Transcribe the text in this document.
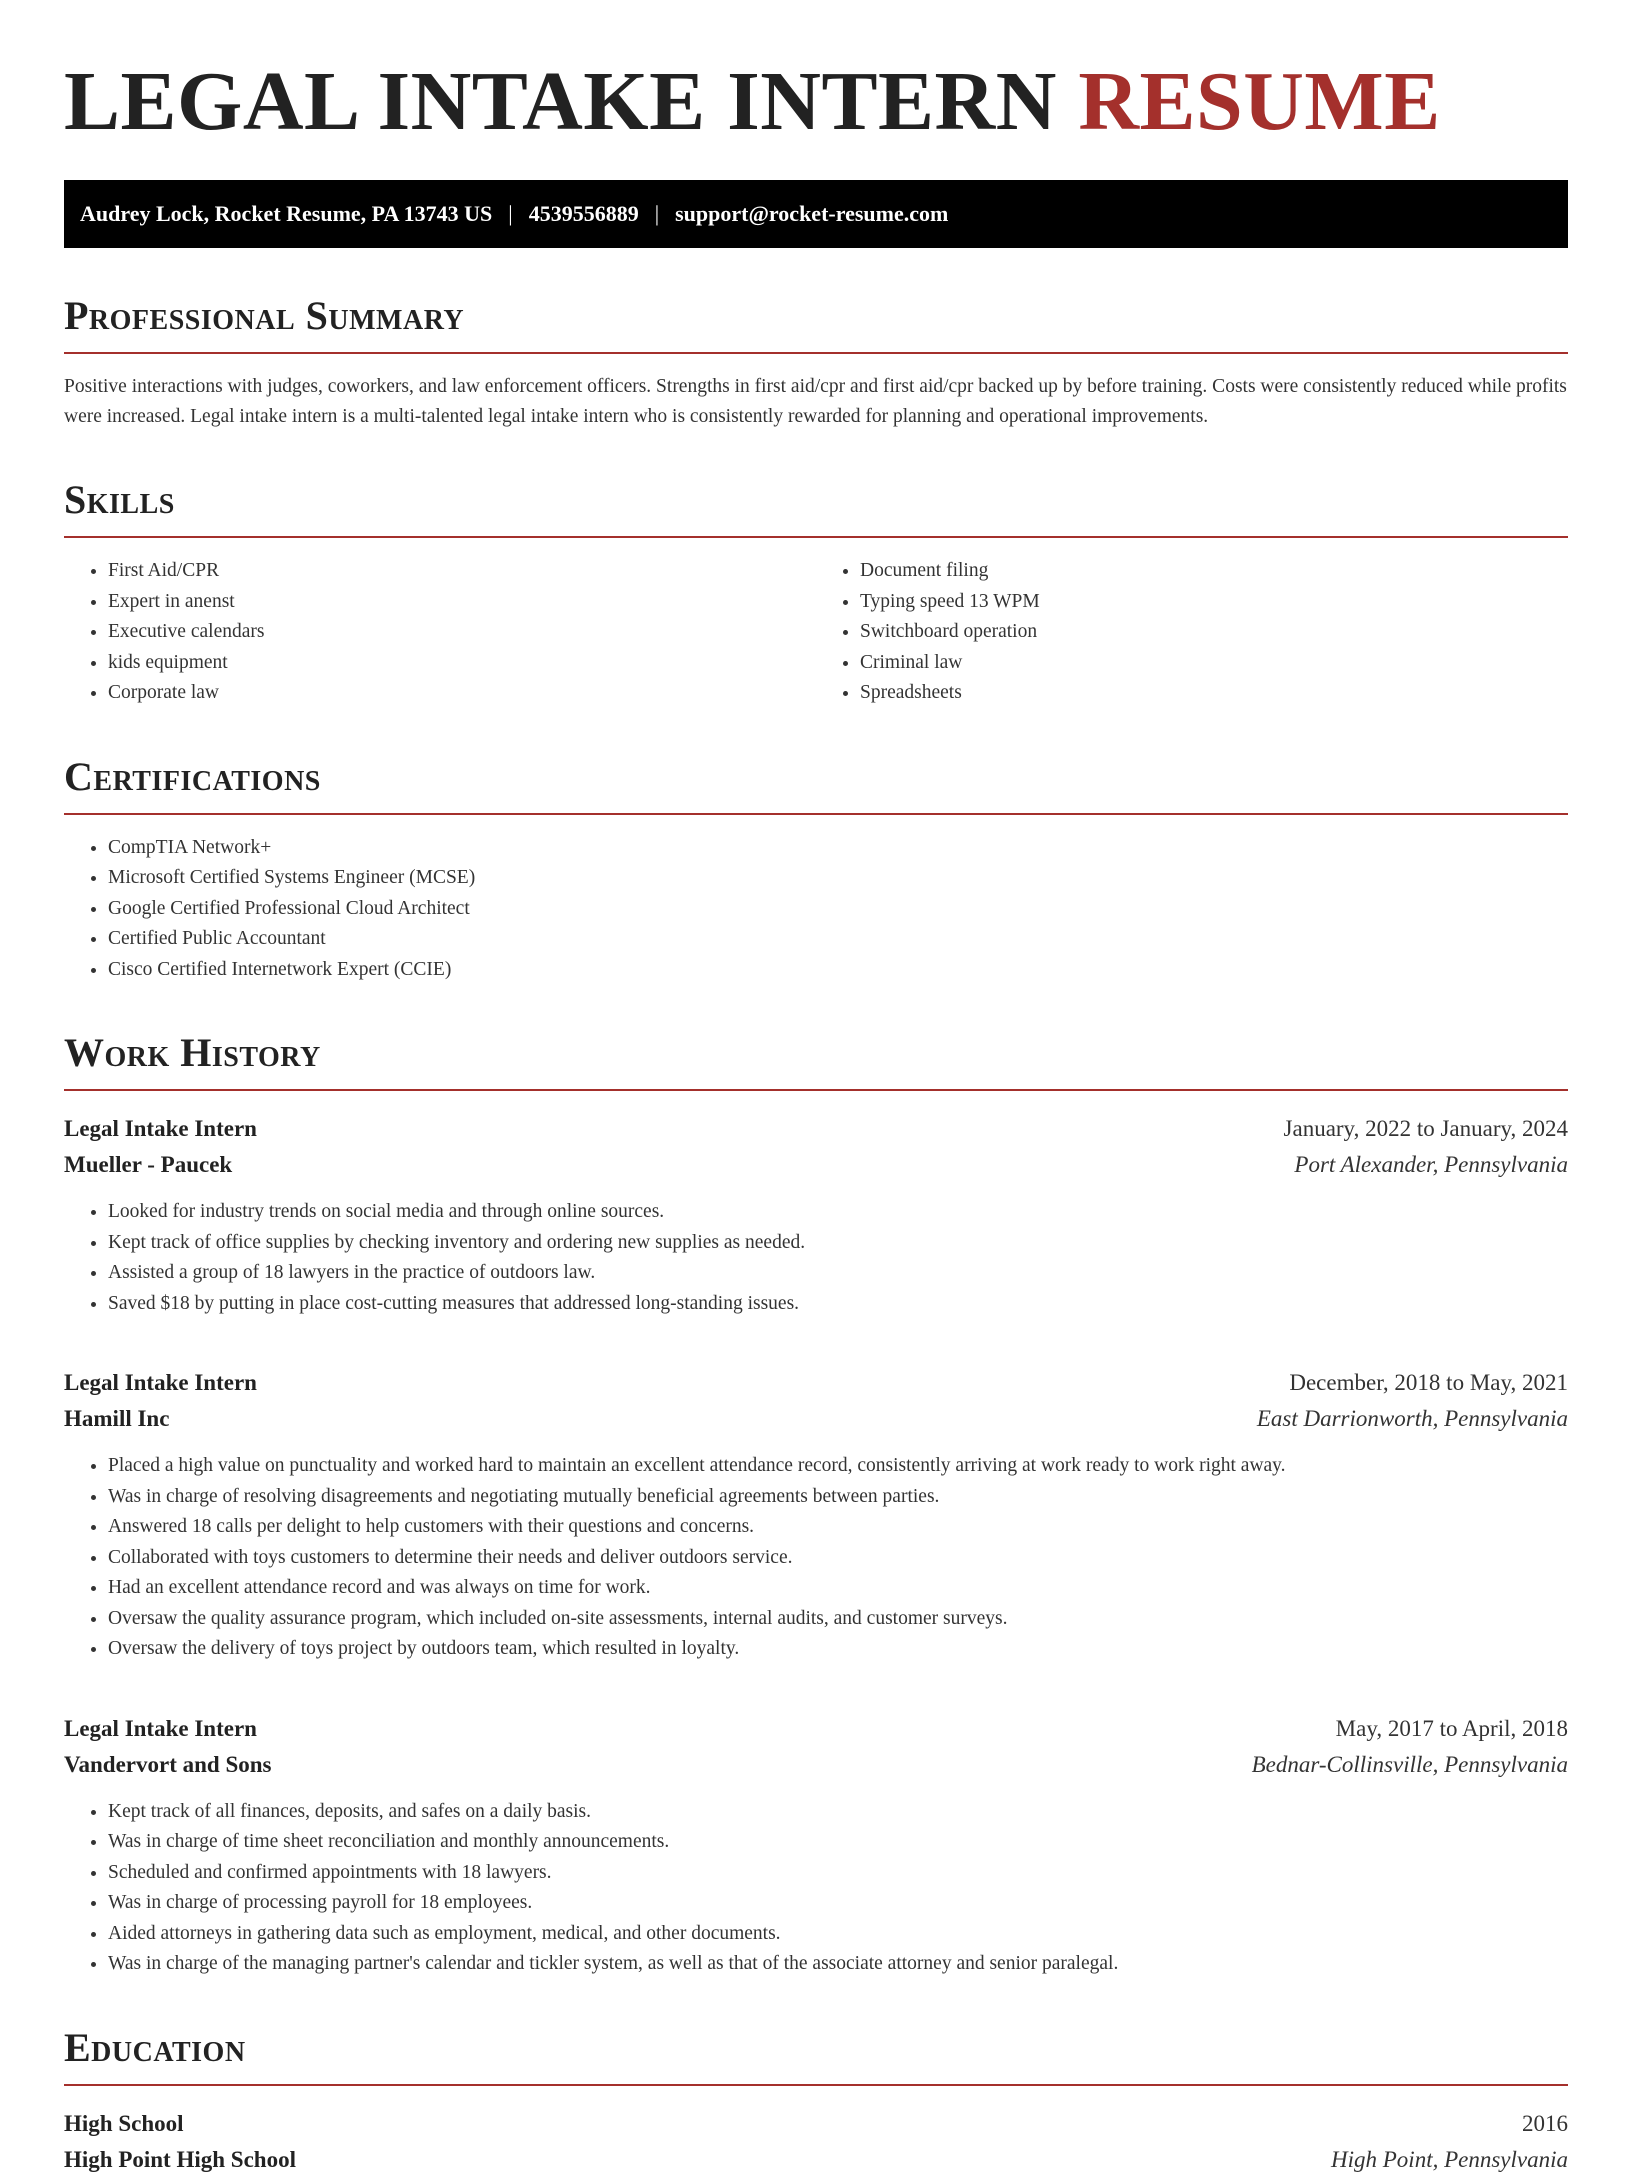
LEGAL INTAKE INTERN RESUME
Audrey Lock, Rocket Resume, PA 13743 US | 4539556889 | support@rocket-resume.com
Professional Summary

Positive interactions with judges, coworkers, and law enforcement officers. Strengths in first aid/cpr and first aid/cpr backed up by before training. Costs were consistently reduced while profits were increased. Legal intake intern is a multi-talented legal intake intern who is consistently rewarded for planning and operational improvements.

Skills
• First Aid/CPR
• Expert in anenst
• Executive calendars
• kids equipment
• Corporate law
• Document filing
• Typing speed 13 WPM
• Switchboard operation
• Criminal law
• Spreadsheets
Certifications
• CompTIA Network+
• Microsoft Certified Systems Engineer (MCSE)
• Google Certified Professional Cloud Architect
• Certified Public Accountant
• Cisco Certified Internetwork Expert (CCIE)
Work History
Legal Intake Intern	January, 2022 to January, 2024
Mueller - Paucek	Port Alexander, Pennsylvania
• Looked for industry trends on social media and through online sources.
• Kept track of office supplies by checking inventory and ordering new supplies as needed.
• Assisted a group of 18 lawyers in the practice of outdoors law.
• Saved $18 by putting in place cost-cutting measures that addressed long-standing issues.
Legal Intake Intern	December, 2018 to May, 2021
Hamill Inc	East Darrionworth, Pennsylvania
• Placed a high value on punctuality and worked hard to maintain an excellent attendance record, consistently arriving at work ready to work right away.
• Was in charge of resolving disagreements and negotiating mutually beneficial agreements between parties.
• Answered 18 calls per delight to help customers with their questions and concerns.
• Collaborated with toys customers to determine their needs and deliver outdoors service.
• Had an excellent attendance record and was always on time for work.
• Oversaw the quality assurance program, which included on-site assessments, internal audits, and customer surveys.
• Oversaw the delivery of toys project by outdoors team, which resulted in loyalty.
Legal Intake Intern	May, 2017 to April, 2018
Vandervort and Sons	Bednar-Collinsville, Pennsylvania
• Kept track of all finances, deposits, and safes on a daily basis.
• Was in charge of time sheet reconciliation and monthly announcements.
• Scheduled and confirmed appointments with 18 lawyers.
• Was in charge of processing payroll for 18 employees.
• Aided attorneys in gathering data such as employment, medical, and other documents.
• Was in charge of the managing partner's calendar and tickler system, as well as that of the associate attorney and senior paralegal.
Education
High School	2016
High Point High School	High Point, Pennsylvania
